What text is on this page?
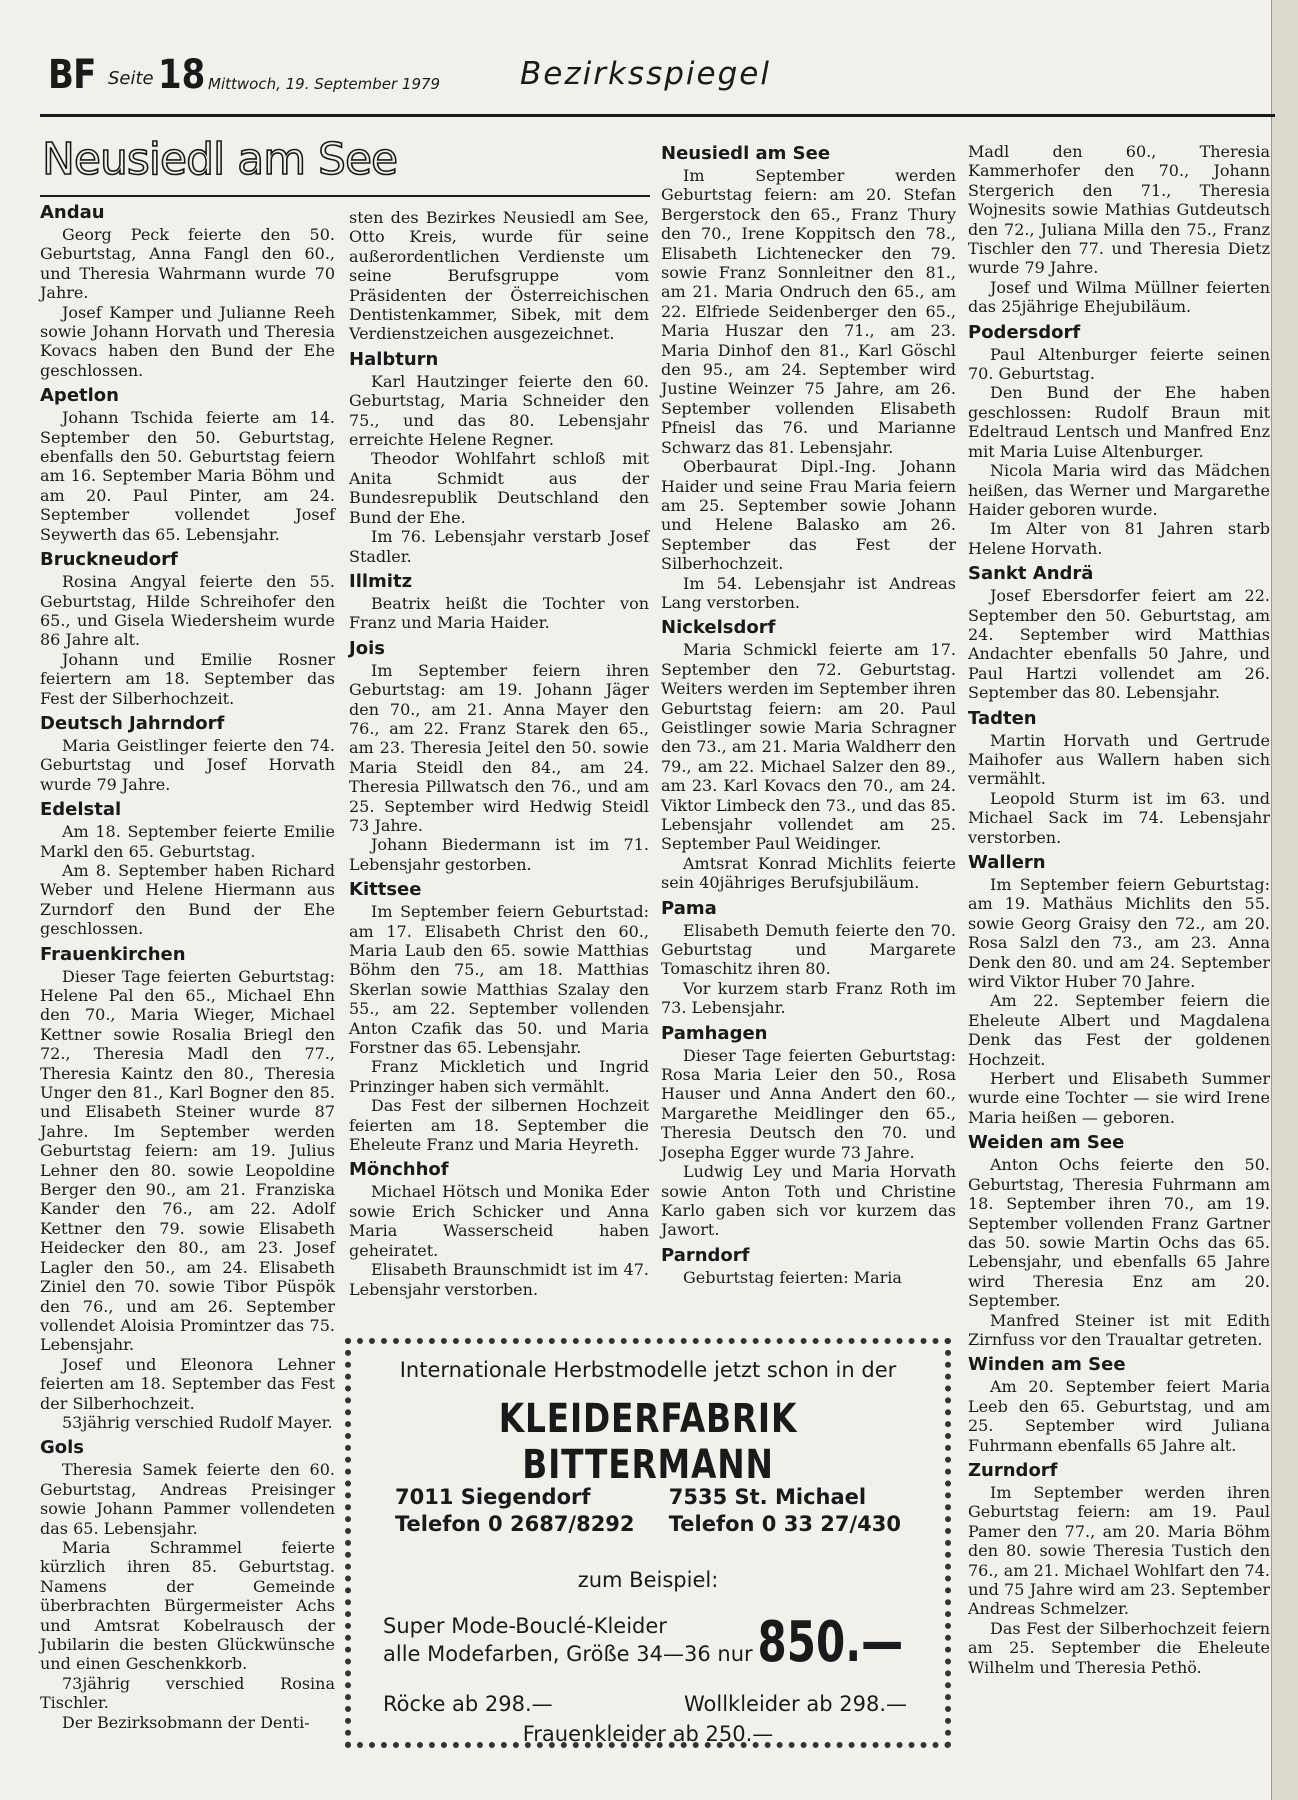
BF Seite 18 Mittwoch, 19. September 1979	Bezirksspiegel
Neusiedl am See
Andau

Georg Peck feierte den 50. Geburtstag, Anna Fangl den 60., und Theresia Wahrmann wurde 70 Jahre.

Josef Kamper und Julianne Reeh sowie Johann Horvath und Theresia Kovacs haben den Bund der Ehe geschlossen.

Apetlon

Johann Tschida feierte am 14. September den 50. Geburtstag, ebenfalls den 50. Geburtstag feiern am 16. September Maria Böhm und am 20. Paul Pinter, am 24. September vollendet Josef Seywerth das 65. Lebensjahr.

Bruckneudorf

Rosina Angyal feierte den 55. Geburtstag, Hilde Schreihofer den 65., und Gisela Wiedersheim wurde 86 Jahre alt.

Johann und Emilie Rosner feiertern am 18. September das Fest der Silberhochzeit.

Deutsch Jahrndorf

Maria Geistlinger feierte den 74. Geburtstag und Josef Horvath wurde 79 Jahre.

Edelstal

Am 18. September feierte Emilie Markl den 65. Geburtstag.

Am 8. September haben Richard Weber und Helene Hiermann aus Zurndorf den Bund der Ehe geschlossen.

Frauenkirchen

Dieser Tage feierten Geburtstag: Helene Pal den 65., Michael Ehn den 70., Maria Wieger, Michael Kettner sowie Rosalia Briegl den 72., Theresia Madl den 77., Theresia Kaintz den 80., Theresia Unger den 81., Karl Bogner den 85. und Elisabeth Steiner wurde 87 Jahre. Im September werden Geburtstag feiern: am 19. Julius Lehner den 80. sowie Leopoldine Berger den 90., am 21. Franziska Kander den 76., am 22. Adolf Kettner den 79. sowie Elisabeth Heidecker den 80., am 23. Josef Lagler den 50., am 24. Elisabeth Ziniel den 70. sowie Tibor Püspök den 76., und am 26. September vollendet Aloisia Promintzer das 75. Lebensjahr.

Josef und Eleonora Lehner feierten am 18. September das Fest der Silberhochzeit.

53jährig verschied Rudolf Mayer.

Gols

Theresia Samek feierte den 60. Geburtstag, Andreas Preisinger sowie Johann Pammer vollendeten das 65. Lebensjahr.

Maria Schrammel feierte kürzlich ihren 85. Geburtstag. Namens der Gemeinde überbrachten Bürgermeister Achs und Amtsrat Kobelrausch der Jubilarin die besten Glückwünsche und einen Geschenkkorb.

73jährig verschied Rosina Tischler.

Der Bezirksobmann der Denti-

sten des Bezirkes Neusiedl am See, Otto Kreis, wurde für seine außerordentlichen Verdienste um seine Berufsgruppe vom Präsidenten der Österreichischen Dentistenkammer, Sibek, mit dem Verdienstzeichen ausgezeichnet.

Halbturn

Karl Hautzinger feierte den 60. Geburtstag, Maria Schneider den 75., und das 80. Lebensjahr erreichte Helene Regner.

Theodor Wohlfahrt schloß mit Anita Schmidt aus der Bundesrepublik Deutschland den Bund der Ehe.

Im 76. Lebensjahr verstarb Josef Stadler.

Illmitz

Beatrix heißt die Tochter von Franz und Maria Haider.

Jois

Im September feiern ihren Geburtstag: am 19. Johann Jäger den 70., am 21. Anna Mayer den 76., am 22. Franz Starek den 65., am 23. Theresia Jeitel den 50. sowie Maria Steidl den 84., am 24. Theresia Pillwatsch den 76., und am 25. September wird Hedwig Steidl 73 Jahre.

Johann Biedermann ist im 71. Lebensjahr gestorben.

Kittsee

Im September feiern Geburtstad: am 17. Elisabeth Christ den 60., Maria Laub den 65. sowie Matthias Böhm den 75., am 18. Matthias Skerlan sowie Matthias Szalay den 55., am 22. September vollenden Anton Czafik das 50. und Maria Forstner das 65. Lebensjahr.

Franz Mickletich und Ingrid Prinzinger haben sich vermählt.

Das Fest der silbernen Hochzeit feierten am 18. September die Eheleute Franz und Maria Heyreth.

Mönchhof

Michael Hötsch und Monika Eder sowie Erich Schicker und Anna Maria Wasserscheid haben geheiratet.

Elisabeth Braunschmidt ist im 47. Lebensjahr verstorben.

Neusiedl am See

Im September werden Geburtstag feiern: am 20. Stefan Bergerstock den 65., Franz Thury den 70., Irene Koppitsch den 78., Elisabeth Lichtenecker den 79. sowie Franz Sonnleitner den 81., am 21. Maria Ondruch den 65., am 22. Elfriede Seidenberger den 65., Maria Huszar den 71., am 23. Maria Dinhof den 81., Karl Göschl den 95., am 24. September wird Justine Weinzer 75 Jahre, am 26. September vollenden Elisabeth Pfneisl das 76. und Marianne Schwarz das 81. Lebensjahr.

Oberbaurat Dipl.-Ing. Johann Haider und seine Frau Maria feiern am 25. September sowie Johann und Helene Balasko am 26. September das Fest der Silberhochzeit.

Im 54. Lebensjahr ist Andreas Lang verstorben.

Nickelsdorf

Maria Schmickl feierte am 17. September den 72. Geburtstag. Weiters werden im September ihren Geburtstag feiern: am 20. Paul Geistlinger sowie Maria Schragner den 73., am 21. Maria Waldherr den 79., am 22. Michael Salzer den 89., am 23. Karl Kovacs den 70., am 24. Viktor Limbeck den 73., und das 85. Lebensjahr vollendet am 25. September Paul Weidinger.

Amtsrat Konrad Michlits feierte sein 40jähriges Berufsjubiläum.

Pama

Elisabeth Demuth feierte den 70. Geburtstag und Margarete Tomaschitz ihren 80.

Vor kurzem starb Franz Roth im 73. Lebensjahr.

Pamhagen

Dieser Tage feierten Geburtstag: Rosa Maria Leier den 50., Rosa Hauser und Anna Andert den 60., Margarethe Meidlinger den 65., Theresia Deutsch den 70. und Josepha Egger wurde 73 Jahre.

Ludwig Ley und Maria Horvath sowie Anton Toth und Christine Karlo gaben sich vor kurzem das Jawort.

Parndorf

Geburtstag feierten: Maria

Madl den 60., Theresia Kammerhofer den 70., Johann Stergerich den 71., Theresia Wojnesits sowie Mathias Gutdeutsch den 72., Juliana Milla den 75., Franz Tischler den 77. und Theresia Dietz wurde 79 Jahre.

Josef und Wilma Müllner feierten das 25jährige Ehejubiläum.

Podersdorf

Paul Altenburger feierte seinen 70. Geburtstag.

Den Bund der Ehe haben geschlossen: Rudolf Braun mit Edeltraud Lentsch und Manfred Enz mit Maria Luise Altenburger.

Nicola Maria wird das Mädchen heißen, das Werner und Margarethe Haider geboren wurde.

Im Alter von 81 Jahren starb Helene Horvath.

Sankt Andrä

Josef Ebersdorfer feiert am 22. September den 50. Geburtstag, am 24. September wird Matthias Andachter ebenfalls 50 Jahre, und Paul Hartzi vollendet am 26. September das 80. Lebensjahr.

Tadten

Martin Horvath und Gertrude Maihofer aus Wallern haben sich vermählt.

Leopold Sturm ist im 63. und Michael Sack im 74. Lebensjahr verstorben.

Wallern

Im September feiern Geburtstag: am 19. Mathäus Michlits den 55. sowie Georg Graisy den 72., am 20. Rosa Salzl den 73., am 23. Anna Denk den 80. und am 24. September wird Viktor Huber 70 Jahre.

Am 22. September feiern die Eheleute Albert und Magdalena Denk das Fest der goldenen Hochzeit.

Herbert und Elisabeth Summer wurde eine Tochter — sie wird Irene Maria heißen — geboren.

Weiden am See

Anton Ochs feierte den 50. Geburtstag, Theresia Fuhrmann am 18. September ihren 70., am 19. September vollenden Franz Gartner das 50. sowie Martin Ochs das 65. Lebensjahr, und ebenfalls 65 Jahre wird Theresia Enz am 20. September.

Manfred Steiner ist mit Edith Zirnfuss vor den Traualtar getreten.

Winden am See

Am 20. September feiert Maria Leeb den 65. Geburtstag, und am 25. September wird Juliana Fuhrmann ebenfalls 65 Jahre alt.

Zurndorf

Im September werden ihren Geburtstag feiern: am 19. Paul Pamer den 77., am 20. Maria Böhm den 80. sowie Theresia Tustich den 76., am 21. Michael Wohlfart den 74. und 75 Jahre wird am 23. September Andreas Schmelzer.

Das Fest der Silberhochzeit feiern am 25. September die Eheleute Wilhelm und Theresia Pethö.

Internationale Herbstmodelle jetzt schon in der
KLEIDERFABRIK BITTERMANN
7011 Siegendorf
Telefon 0 2687/8292
7535 St. Michael
Telefon 0 33 27/430
zum Beispiel:
Super Mode-Bouclé-Kleider
alle Modefarben, Größe 34—36 nur 850.—
Röcke ab 298.—	Wollkleider ab 298.—
Frauenkleider ab 250.—
